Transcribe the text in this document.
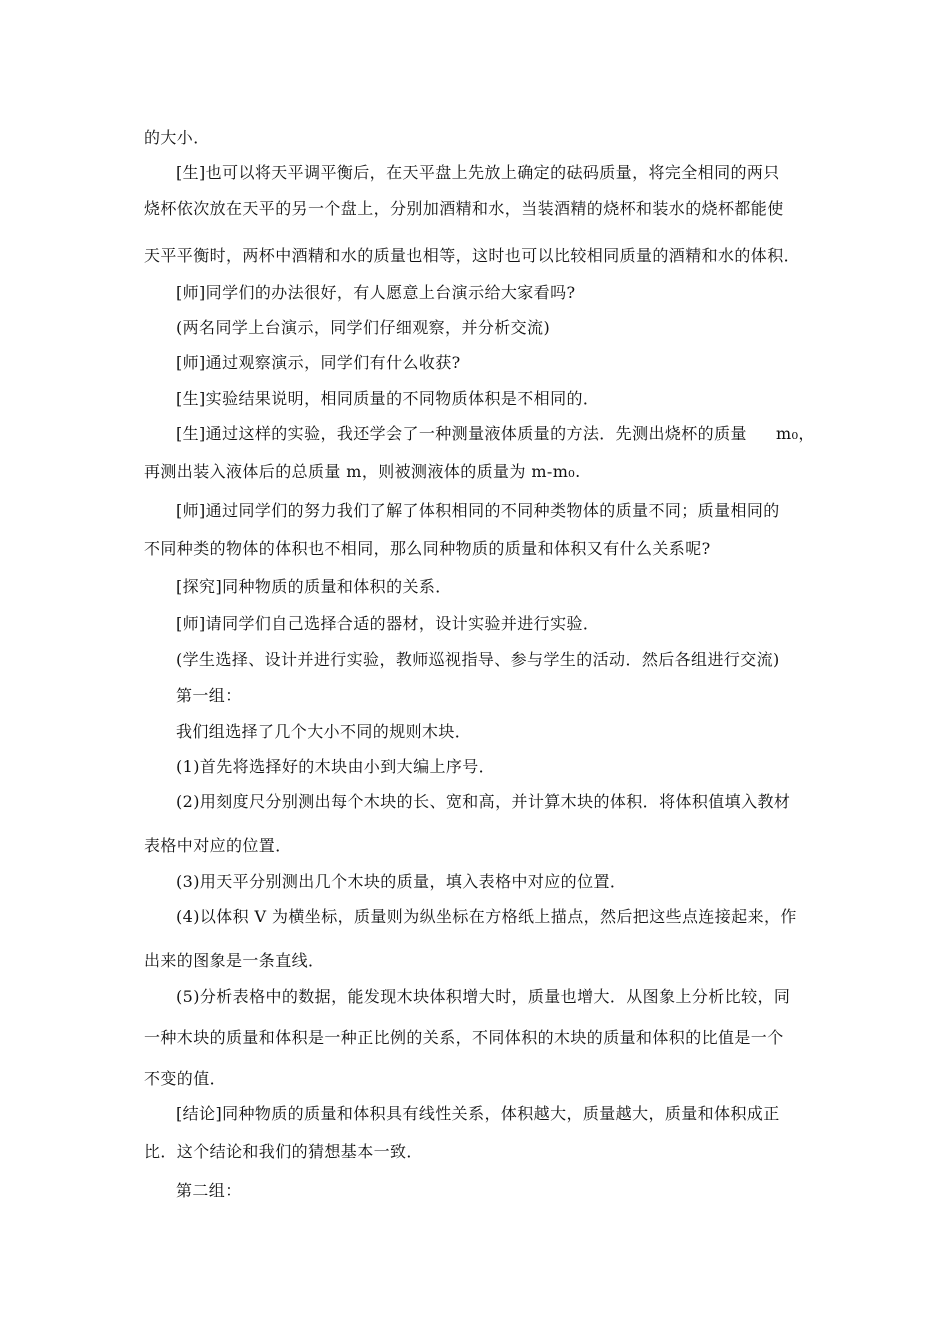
的大小．
[生]也可以将天平调平衡后，在天平盘上先放上确定的砝码质量，将完全相同的两只
烧杯依次放在天平的另一个盘上，分别加酒精和水，当装酒精的烧杯和装水的烧杯都能使
天平平衡时，两杯中酒精和水的质量也相等，这时也可以比较相同质量的酒精和水的体积．
[师]同学们的办法很好，有人愿意上台演示给大家看吗?
(两名同学上台演示，同学们仔细观察，并分析交流)
[师]通过观察演示，同学们有什么收获?
[生]实验结果说明，相同质量的不同物质体积是不相同的．
[生]通过这样的实验，我还学会了一种测量液体质量的方法．先测出烧杯的质量 m₀，
再测出装入液体后的总质量 m，则被测液体的质量为 m-m₀.
[师]通过同学们的努力我们了解了体积相同的不同种类物体的质量不同；质量相同的
不同种类的物体的体积也不相同，那么同种物质的质量和体积又有什么关系呢?
[探究]同种物质的质量和体积的关系．
[师]请同学们自己选择合适的器材，设计实验并进行实验．
(学生选择、设计并进行实验，教师巡视指导、参与学生的活动．然后各组进行交流)
第一组：
我们组选择了几个大小不同的规则木块．
(1)首先将选择好的木块由小到大编上序号．
(2)用刻度尺分别测出每个木块的长、宽和高，并计算木块的体积．将体积值填入教材
表格中对应的位置．
(3)用天平分别测出几个木块的质量，填入表格中对应的位置．
(4)以体积 V 为横坐标，质量则为纵坐标在方格纸上描点，然后把这些点连接起来，作
出来的图象是一条直线．
(5)分析表格中的数据，能发现木块体积增大时，质量也增大．从图象上分析比较，同
一种木块的质量和体积是一种正比例的关系，不同体积的木块的质量和体积的比值是一个
不变的值．
[结论]同种物质的质量和体积具有线性关系，体积越大，质量越大，质量和体积成正
比．这个结论和我们的猜想基本一致．
第二组：
